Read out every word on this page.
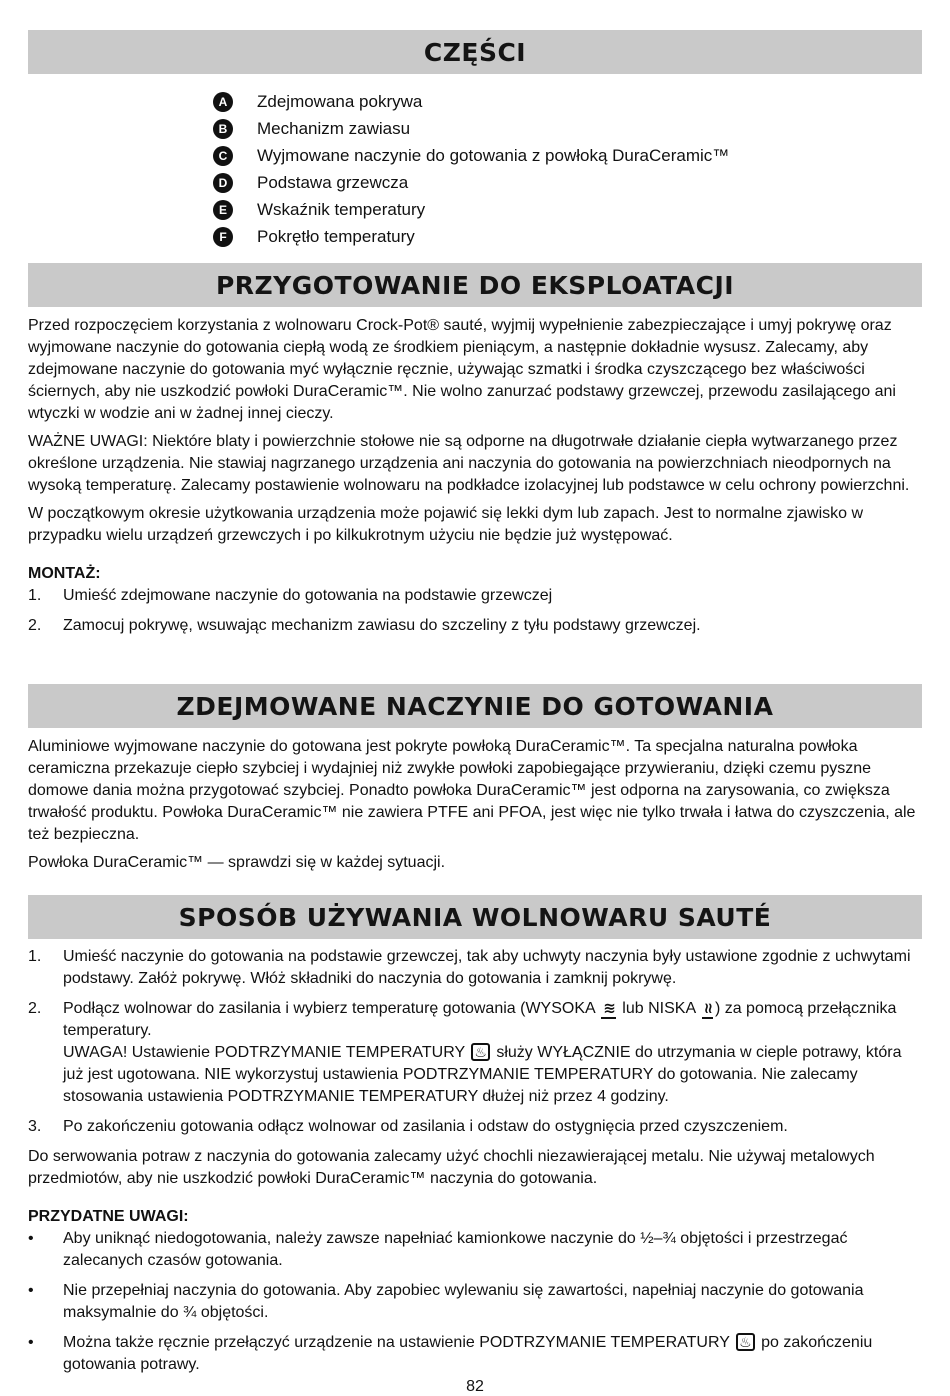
CZĘŚCI
A	Zdejmowana pokrywa
B	Mechanizm zawiasu
C	Wyjmowane naczynie do gotowania z powłoką DuraCeramic™
D	Podstawa grzewcza
E	Wskaźnik temperatury
F	Pokrętło temperatury
PRZYGOTOWANIE DO EKSPLOATACJI

Przed rozpoczęciem korzystania z wolnowaru Crock-Pot® sauté, wyjmij wypełnienie zabezpieczające i umyj pokrywę oraz wyjmowane naczynie do gotowania ciepłą wodą ze środkiem pieniącym, a następnie dokładnie wysusz. Zalecamy, aby zdejmowane naczynie do gotowania myć wyłącznie ręcznie, używając szmatki i środka czyszczącego bez właściwości ściernych, aby nie uszkodzić powłoki DuraCeramic™. Nie wolno zanurzać podstawy grzewczej, przewodu zasilającego ani wtyczki w wodzie ani w żadnej innej cieczy.

WAŻNE UWAGI: Niektóre blaty i powierzchnie stołowe nie są odporne na długotrwałe działanie ciepła wytwarzanego przez określone urządzenia. Nie stawiaj nagrzanego urządzenia ani naczynia do gotowania na powierzchniach nieodpornych na wysoką temperaturę. Zalecamy postawienie wolnowaru na podkładce izolacyjnej lub podstawce w celu ochrony powierzchni.

W początkowym okresie użytkowania urządzenia może pojawić się lekki dym lub zapach. Jest to normalne zjawisko w przypadku wielu urządzeń grzewczych i po kilkukrotnym użyciu nie będzie już występować.

MONTAŻ:
1.	Umieść zdejmowane naczynie do gotowania na podstawie grzewczej
2.	Zamocuj pokrywę, wsuwając mechanizm zawiasu do szczeliny z tyłu podstawy grzewczej.
ZDEJMOWANE NACZYNIE DO GOTOWANIA

Aluminiowe wyjmowane naczynie do gotowana jest pokryte powłoką DuraCeramic™. Ta specjalna naturalna powłoka ceramiczna przekazuje ciepło szybciej i wydajniej niż zwykłe powłoki zapobiegające przywieraniu, dzięki czemu pyszne domowe dania można przygotować szybciej. Ponadto powłoka DuraCeramic™ jest odporna na zarysowania, co zwiększa trwałość produktu. Powłoka DuraCeramic™ nie zawiera PTFE ani PFOA, jest więc nie tylko trwała i łatwa do czyszczenia, ale też bezpieczna.

Powłoka DuraCeramic™ — sprawdzi się w każdej sytuacji.

SPOSÓB UŻYWANIA WOLNOWARU SAUTÉ
1.	Umieść naczynie do gotowania na podstawie grzewczej, tak aby uchwyty naczynia były ustawione zgodnie z uchwytami podstawy. Załóż pokrywę. Włóż składniki do naczynia do gotowania i zamknij pokrywę.
2.	Podłącz wolnowar do zasilania i wybierz temperaturę gotowania (WYSOKA ≋ lub NISKA ≀≀ ) za pomocą przełącznika temperatury.
UWAGA! Ustawienie PODTRZYMANIE TEMPERATURY ♨ służy WYŁĄCZNIE do utrzymania w cieple potrawy, która już jest ugotowana. NIE wykorzystuj ustawienia PODTRZYMANIE TEMPERATURY do gotowania. Nie zalecamy stosowania ustawienia PODTRZYMANIE TEMPERATURY dłużej niż przez 4 godziny.
3.	Po zakończeniu gotowania odłącz wolnowar od zasilania i odstaw do ostygnięcia przed czyszczeniem.

Do serwowania potraw z naczynia do gotowania zalecamy użyć chochli niezawierającej metalu. Nie używaj metalowych przedmiotów, aby nie uszkodzić powłoki DuraCeramic™ naczynia do gotowania.

PRZYDATNE UWAGI:
•	Aby uniknąć niedogotowania, należy zawsze napełniać kamionkowe naczynie do ½–¾ objętości i przestrzegać zalecanych czasów gotowania.
•	Nie przepełniaj naczynia do gotowania. Aby zapobiec wylewaniu się zawartości, napełniaj naczynie do gotowania maksymalnie do ¾ objętości.
•	Można także ręcznie przełączyć urządzenie na ustawienie PODTRZYMANIE TEMPERATURY ♨ po zakończeniu gotowania potrawy.
82
